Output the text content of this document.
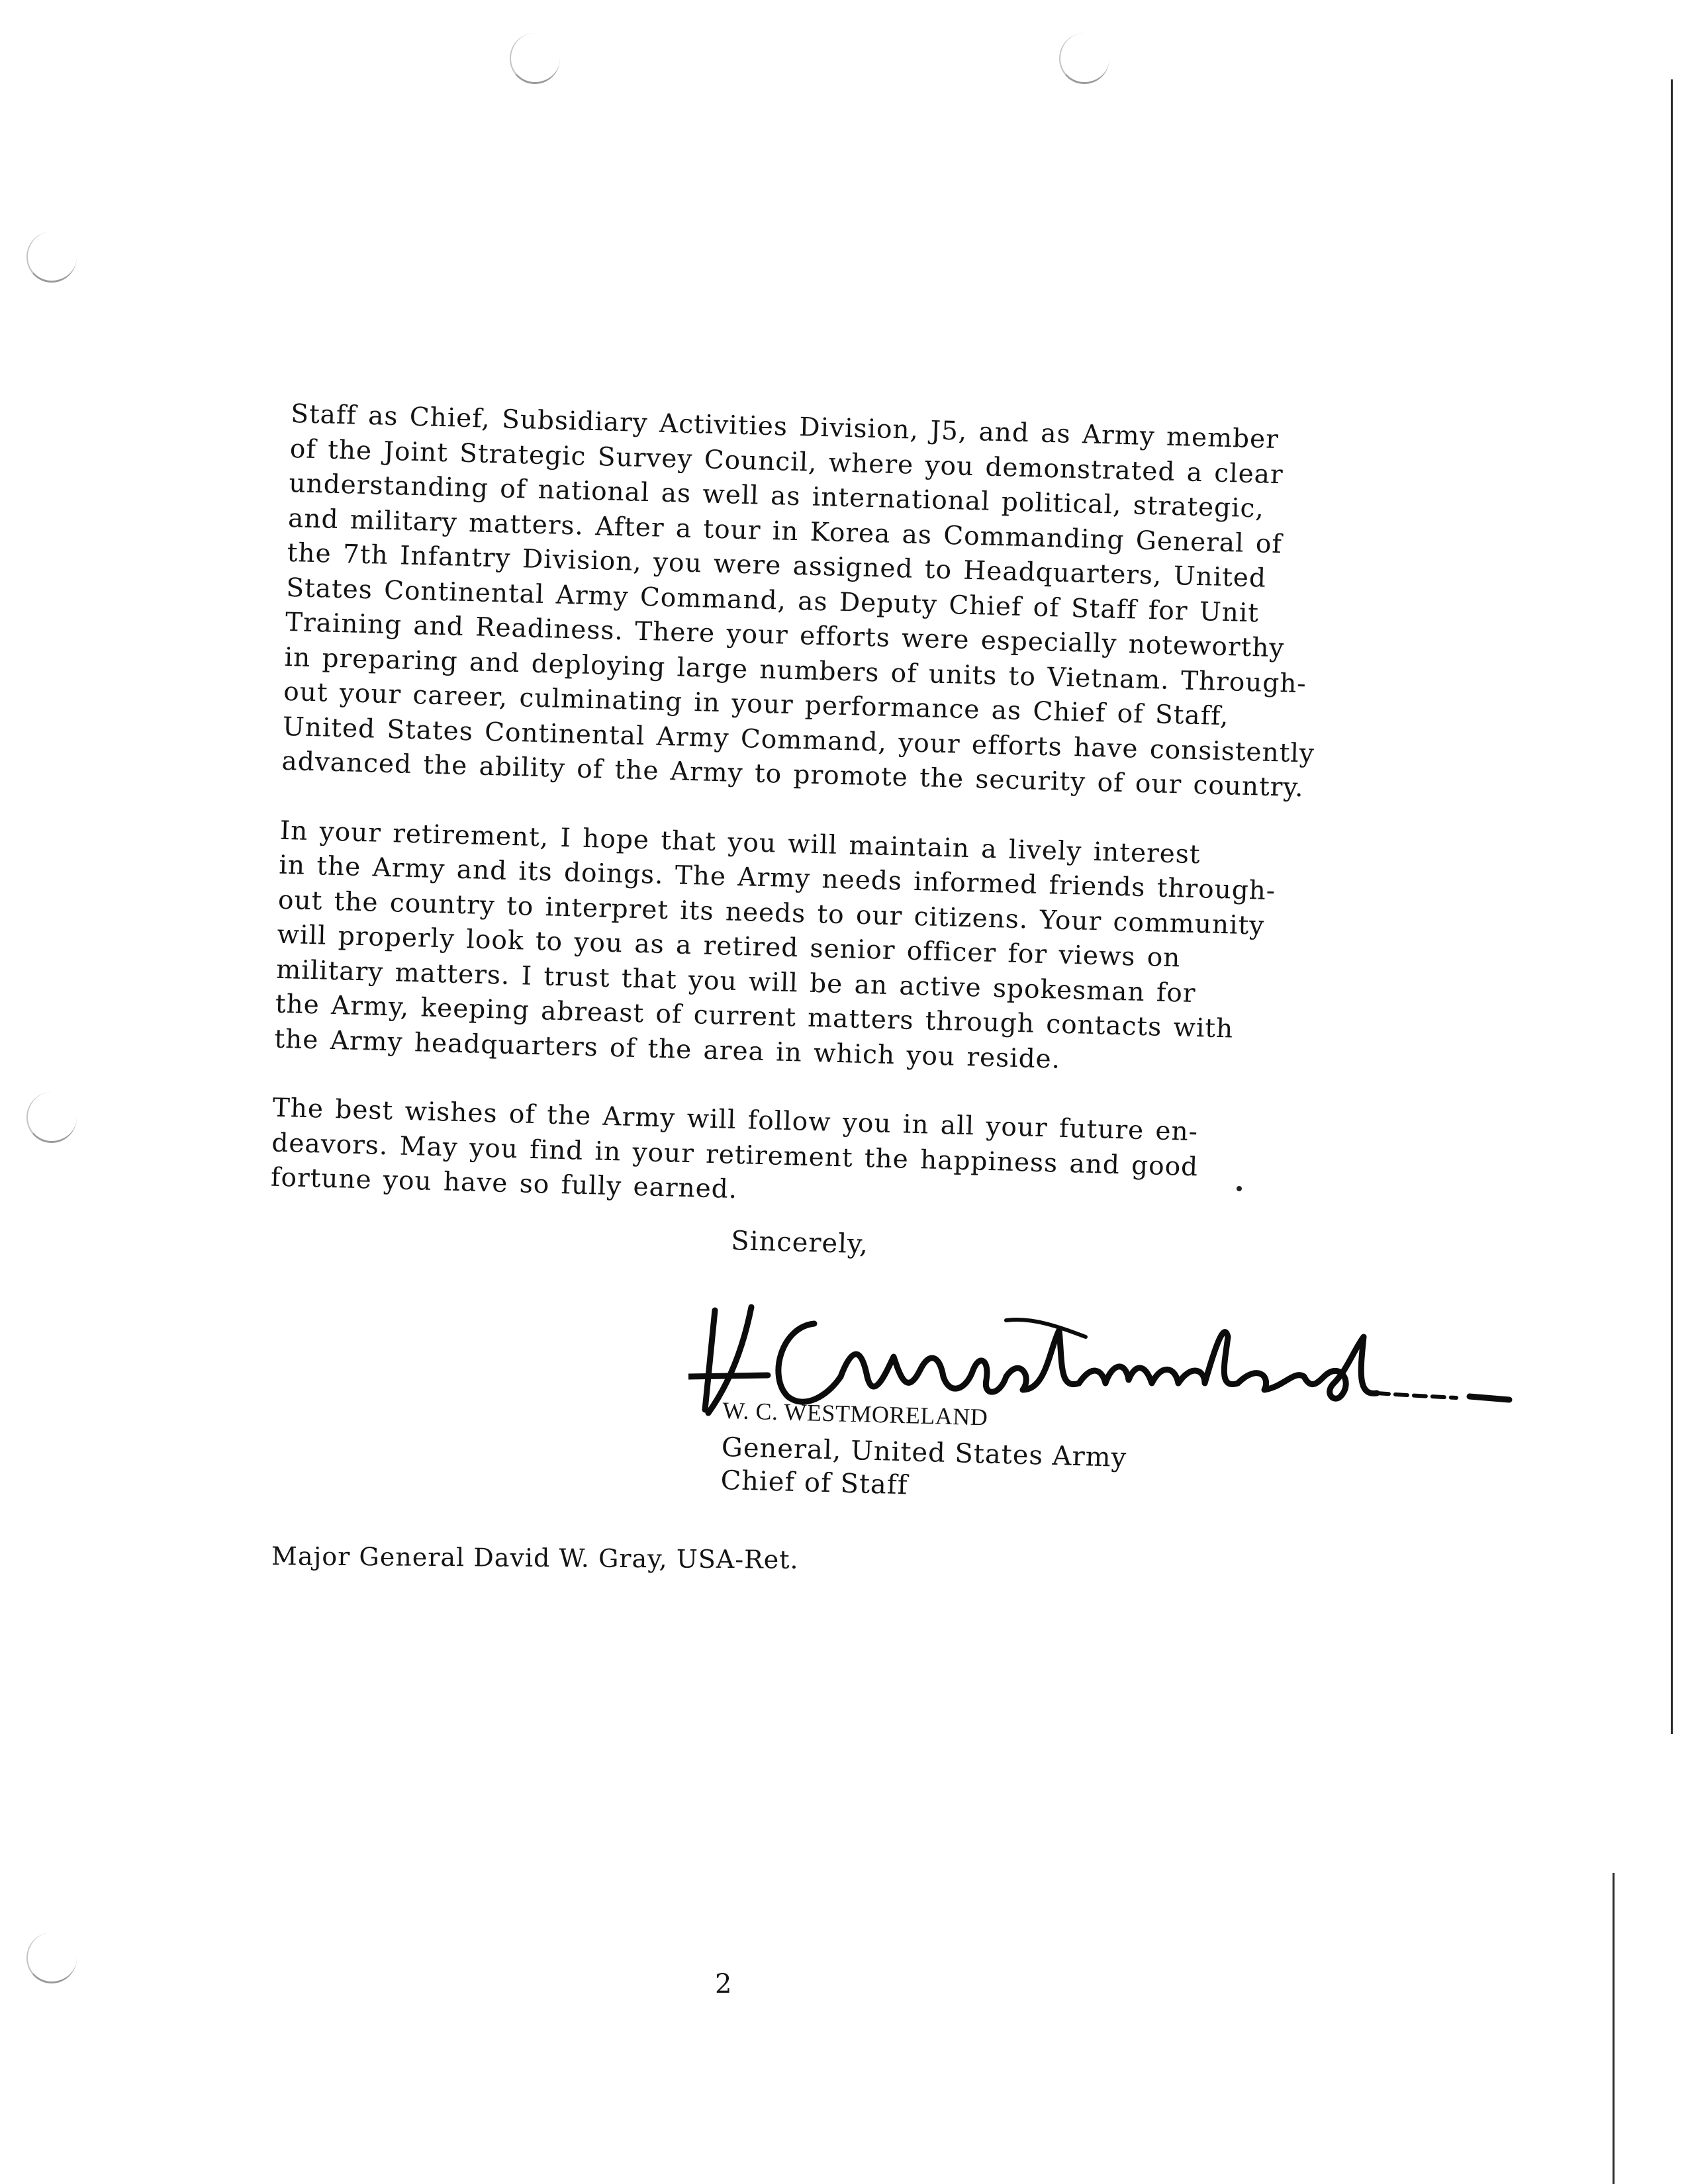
Staff as Chief, Subsidiary Activities Division, J5, and as Army member
of the Joint Strategic Survey Council, where you demonstrated a clear
understanding of national as well as international political, strategic,
and military matters. After a tour in Korea as Commanding General of
the 7th Infantry Division, you were assigned to Headquarters, United
States Continental Army Command, as Deputy Chief of Staff for Unit
Training and Readiness. There your efforts were especially noteworthy
in preparing and deploying large numbers of units to Vietnam. Through-
out your career, culminating in your performance as Chief of Staff,
United States Continental Army Command, your efforts have consistently
advanced the ability of the Army to promote the security of our country.

In your retirement, I hope that you will maintain a lively interest
in the Army and its doings. The Army needs informed friends through-
out the country to interpret its needs to our citizens. Your community
will properly look to you as a retired senior officer for views on
military matters. I trust that you will be an active spokesman for
the Army, keeping abreast of current matters through contacts with
the Army headquarters of the area in which you reside.

The best wishes of the Army will follow you in all your future en-
deavors. May you find in your retirement the happiness and good
fortune you have so fully earned.

Sincerely,
W. C. WESTMORELAND
General, United States Army
Chief of Staff
Major General David W. Gray, USA-Ret.
2
